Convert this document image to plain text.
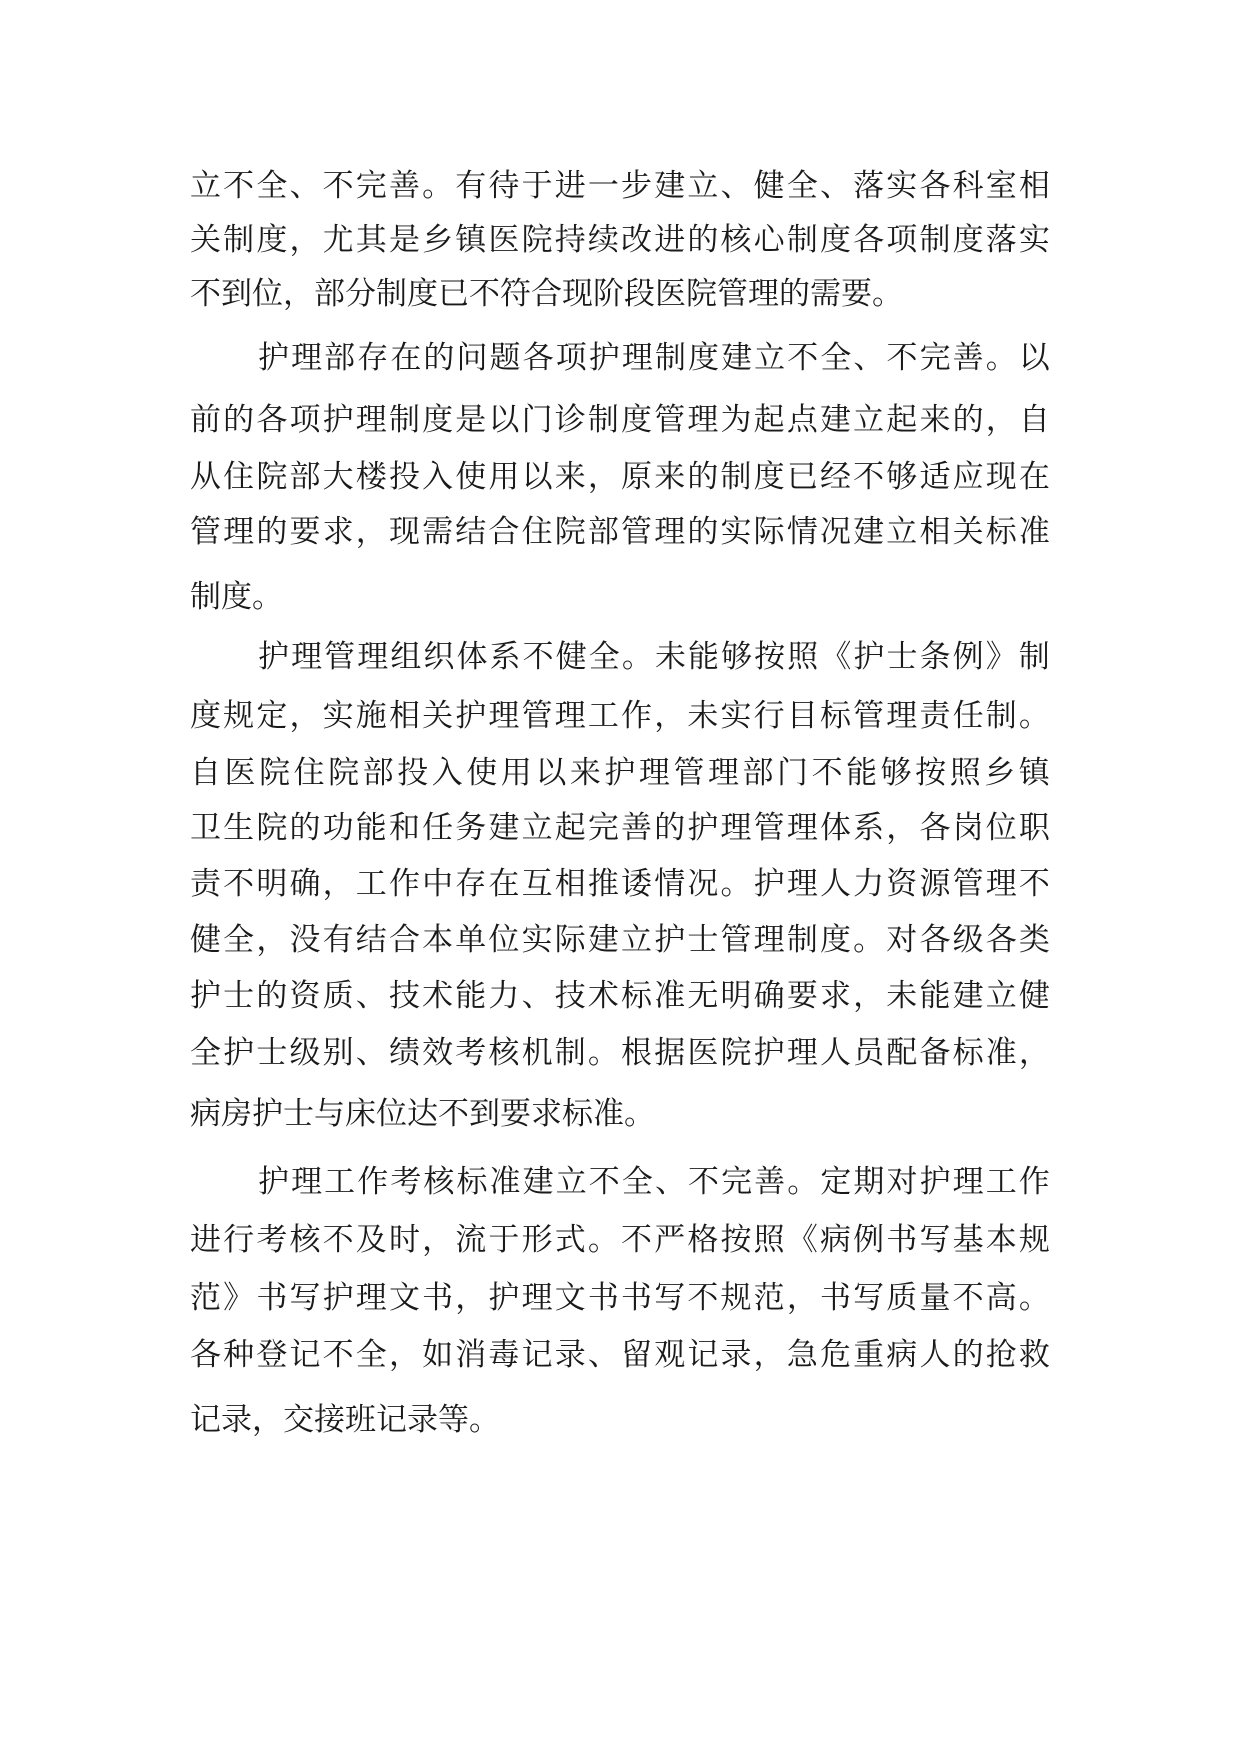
立 不 全 、 不 完 善 。 有 待 于 进 一 步 建 立 、 健 全 、 落 实 各 科 室 相
关 制 度 ， 尤 其 是 乡 镇 医 院 持 续 改 进 的 核 心 制 度 各 项 制 度 落 实
不到位，部分制度已不符合现阶段医院管理的需要。
护 理 部 存 在 的 问 题 各 项 护 理 制 度 建 立 不 全 、 不 完 善 。 以
前 的 各 项 护 理 制 度 是 以 门 诊 制 度 管 理 为 起 点 建 立 起 来 的 ， 自
从 住 院 部 大 楼 投 入 使 用 以 来 ， 原 来 的 制 度 已 经 不 够 适 应 现 在
管 理 的 要 求 ， 现 需 结 合 住 院 部 管 理 的 实 际 情 况 建 立 相 关 标 准
制度。
护 理 管 理 组 织 体 系 不 健 全 。 未 能 够 按 照 《 护 士 条 例 》 制
度 规 定 ， 实 施 相 关 护 理 管 理 工 作 ， 未 实 行 目 标 管 理 责 任 制 。
自 医 院 住 院 部 投 入 使 用 以 来 护 理 管 理 部 门 不 能 够 按 照 乡 镇
卫 生 院 的 功 能 和 任 务 建 立 起 完 善 的 护 理 管 理 体 系 ， 各 岗 位 职
责 不 明 确 ， 工 作 中 存 在 互 相 推 诿 情 况 。 护 理 人 力 资 源 管 理 不
健 全 ， 没 有 结 合 本 单 位 实 际 建 立 护 士 管 理 制 度 。 对 各 级 各 类
护 士 的 资 质 、 技 术 能 力 、 技 术 标 准 无 明 确 要 求 ， 未 能 建 立 健
全 护 士 级 别 、 绩 效 考 核 机 制 。 根 据 医 院 护 理 人 员 配 备 标 准 ，
病房护士与床位达不到要求标准。
护 理 工 作 考 核 标 准 建 立 不 全 、 不 完 善 。 定 期 对 护 理 工 作
进 行 考 核 不 及 时 ， 流 于 形 式 。 不 严 格 按 照 《 病 例 书 写 基 本 规
范 》 书 写 护 理 文 书 ， 护 理 文 书 书 写 不 规 范 ， 书 写 质 量 不 高 。
各 种 登 记 不 全 ， 如 消 毒 记 录 、 留 观 记 录 ， 急 危 重 病 人 的 抢 救
记录，交接班记录等。
